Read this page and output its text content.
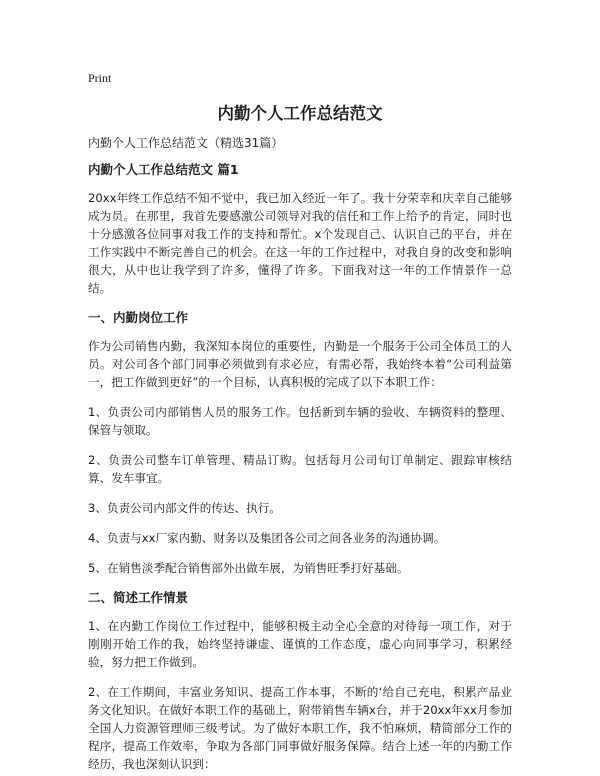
Print
内勤个人工作总结范文
内勤个人工作总结范文（精选31篇）
内勤个人工作总结范文 篇1

20xx年终工作总结不知不觉中，我已加入经近一年了。我十分荣幸和庆幸自己能够成为员。在那里，我首先要感激公司领导对我的信任和工作上给予的肯定，同时也十分感激各位同事对我工作的支持和帮忙。x个发现自己、认识自己的平台，并在工作实践中不断完善自己的机会。在这一年的工作过程中，对我自身的改变和影响很大，从中也让我学到了许多，懂得了许多。下面我对这一年的工作情景作一总结。

一、内勤岗位工作

作为公司销售内勤，我深知本岗位的重要性，内勤是一个服务于公司全体员工的人员。对公司各个部门同事必须做到有求必应，有需必帮，我始终本着“公司利益第一，把工作做到更好”的一个目标，认真积极的完成了以下本职工作：

1、负责公司内部销售人员的服务工作。包括新到车辆的验收、车辆资料的整理、保管与领取。

2、负责公司整车订单管理、精品订购。包括每月公司旬订单制定、跟踪审核结算、发车事宜。

3、负责公司内部文件的传达、执行。

4、负责与xx厂家内勤、财务以及集团各公司之间各业务的沟通协调。

5、在销售淡季配合销售部外出做车展，为销售旺季打好基础。

二、简述工作情景

1、在内勤工作岗位工作过程中，能够积极主动全心全意的对待每一项工作，对于刚刚开始工作的我，始终坚持谦虚、谨慎的工作态度，虚心向同事学习，积累经验，努力把工作做到。

2、在工作期间，丰富业务知识、提高工作本事，不断的‘给自己充电，积累产品业务文化知识。在做好本职工作的基础上，附带销售车辆x台，并于20xx年xx月参加全国人力资源管理师三级考试。为了做好本职工作，我不怕麻烦，精简部分工作的程序，提高工作效率，争取为各部门同事做好服务保障。结合上述一年的内勤工作经历，我也深刻认识到：
